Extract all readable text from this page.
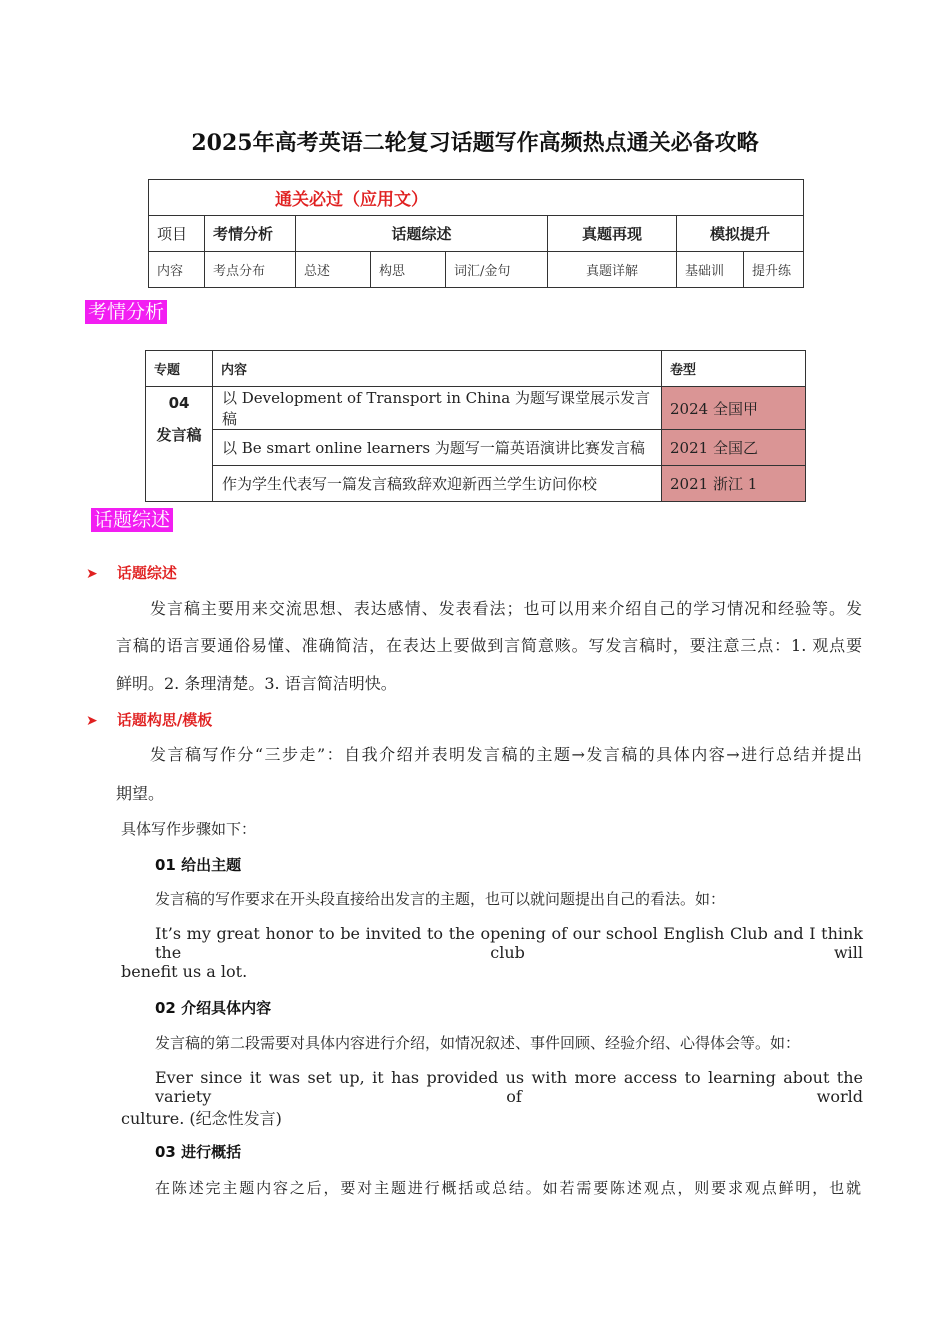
2025年高考英语二轮复习话题写作高频热点通关必备攻略
通关必过（应用文）							
项目	考情分析	话题综述			真题再现	模拟提升	
内容	考点分布	总述	构思	词汇/金句	真题详解	基础训	提升练
考情分析
专题	内容	卷型

04
发言稿	以 Development of Transport in China 为题写课堂展示发言稿	2024 全国甲
	以 Be smart online learners 为题写一篇英语演讲比赛发言稿	2021 全国乙
	作为学生代表写一篇发言稿致辞欢迎新西兰学生访问你校	2021 浙江 1
话题综述
➤ 话题综述
发言稿主要用来交流思想、表达感情、发表看法；也可以用来介绍自己的学习情况和经验等。发
言稿的语言要通俗易懂、准确简洁，在表达上要做到言简意赅。写发言稿时，要注意三点：1. 观点要
鲜明。2. 条理清楚。3. 语言简洁明快。
➤ 话题构思/模板
发言稿写作分“三步走”：自我介绍并表明发言稿的主题→发言稿的具体内容→进行总结并提出
期望。
具体写作步骤如下：
01 给出主题
发言稿的写作要求在开头段直接给出发言的主题，也可以就问题提出自己的看法。如：
It’s my great honor to be invited to the opening of our school English Club and I think the club will
benefit us a lot.
02 介绍具体内容
发言稿的第二段需要对具体内容进行介绍，如情况叙述、事件回顾、经验介绍、心得体会等。如：
Ever since it was set up, it has provided us with more access to learning about the variety of world
culture. (纪念性发言)
03 进行概括
在陈述完主题内容之后，要对主题进行概括或总结。如若需要陈述观点，则要求观点鲜明，也就
